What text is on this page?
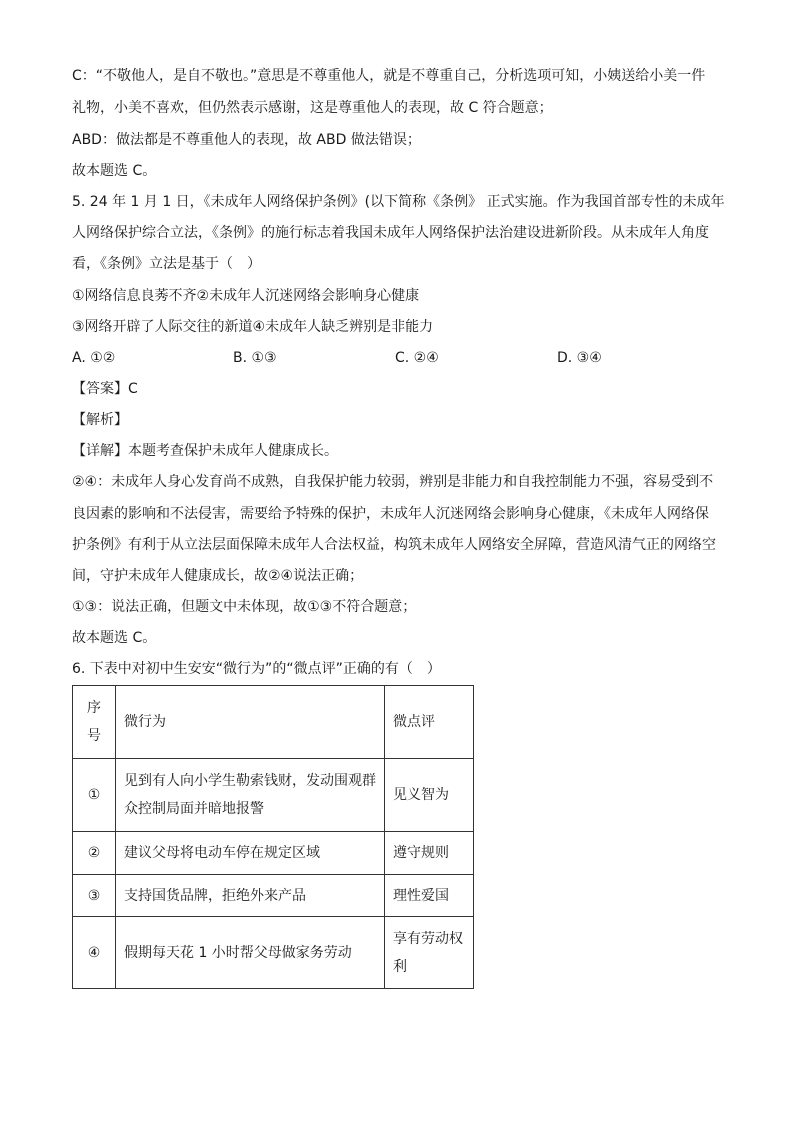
C：“不敬他人，是自不敬也。”意思是不尊重他人，就是不尊重自己，分析选项可知，小姨送给小美一件
礼物，小美不喜欢，但仍然表示感谢，这是尊重他人的表现，故 C 符合题意；
ABD：做法都是不尊重他人的表现，故 ABD 做法错误；
故本题选 C。
5. 24 年 1 月 1 日，《未成年人网络保护条例》(以下简称《条例》 正式实施。作为我国首部专性的未成年
人网络保护综合立法，《条例》的施行标志着我国未成年人网络保护法治建设进新阶段。从未成年人角度
看，《条例》立法是基于（　）
①网络信息良莠不齐②未成年人沉迷网络会影响身心健康
③网络开辟了人际交往的新道④未成年人缺乏辨别是非能力
A. ①②	B. ①③	C. ②④	D. ③④
【答案】C
【解析】
【详解】本题考查保护未成年人健康成长。
②④：未成年人身心发育尚不成熟，自我保护能力较弱，辨别是非能力和自我控制能力不强，容易受到不
良因素的影响和不法侵害，需要给予特殊的保护，未成年人沉迷网络会影响身心健康，《未成年人网络保
护条例》有利于从立法层面保障未成年人合法权益，构筑未成年人网络安全屏障，营造风清气正的网络空
间，守护未成年人健康成长，故②④说法正确；
①③：说法正确，但题文中未体现，故①③不符合题意；
故本题选 C。
6. 下表中对初中生安安“微行为”的“微点评”正确的有（　）
序
号	微行为	微点评
①	见到有人向小学生勒索钱财，发动围观群
众控制局面并暗地报警	见义智为
②	建议父母将电动车停在规定区域	遵守规则
③	支持国货品牌，拒绝外来产品	理性爱国
④	假期每天花 1 小时帮父母做家务劳动	享有劳动权
利
